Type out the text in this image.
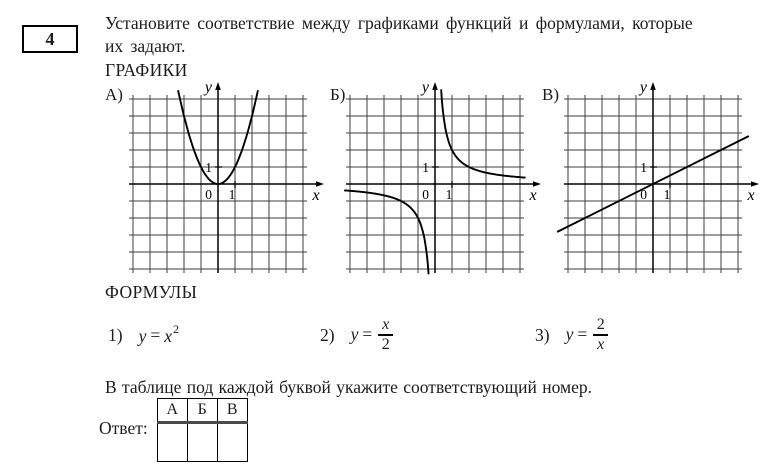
4

Установите соответствие между графиками функций и формулами, которые
их задают.

ГРАФИКИ
А)	y
x
1
0 1
Б)	y
x
1
0 1
В)	y
x
1
0 1
ФОРМУЛЫ
1) $y = x^2$	2) $y = \frac{x}{2}$	3) $y = \frac{2}{x}$

В таблице под каждой буквой укажите соответствующий номер.

Ответ:
А	Б	В
